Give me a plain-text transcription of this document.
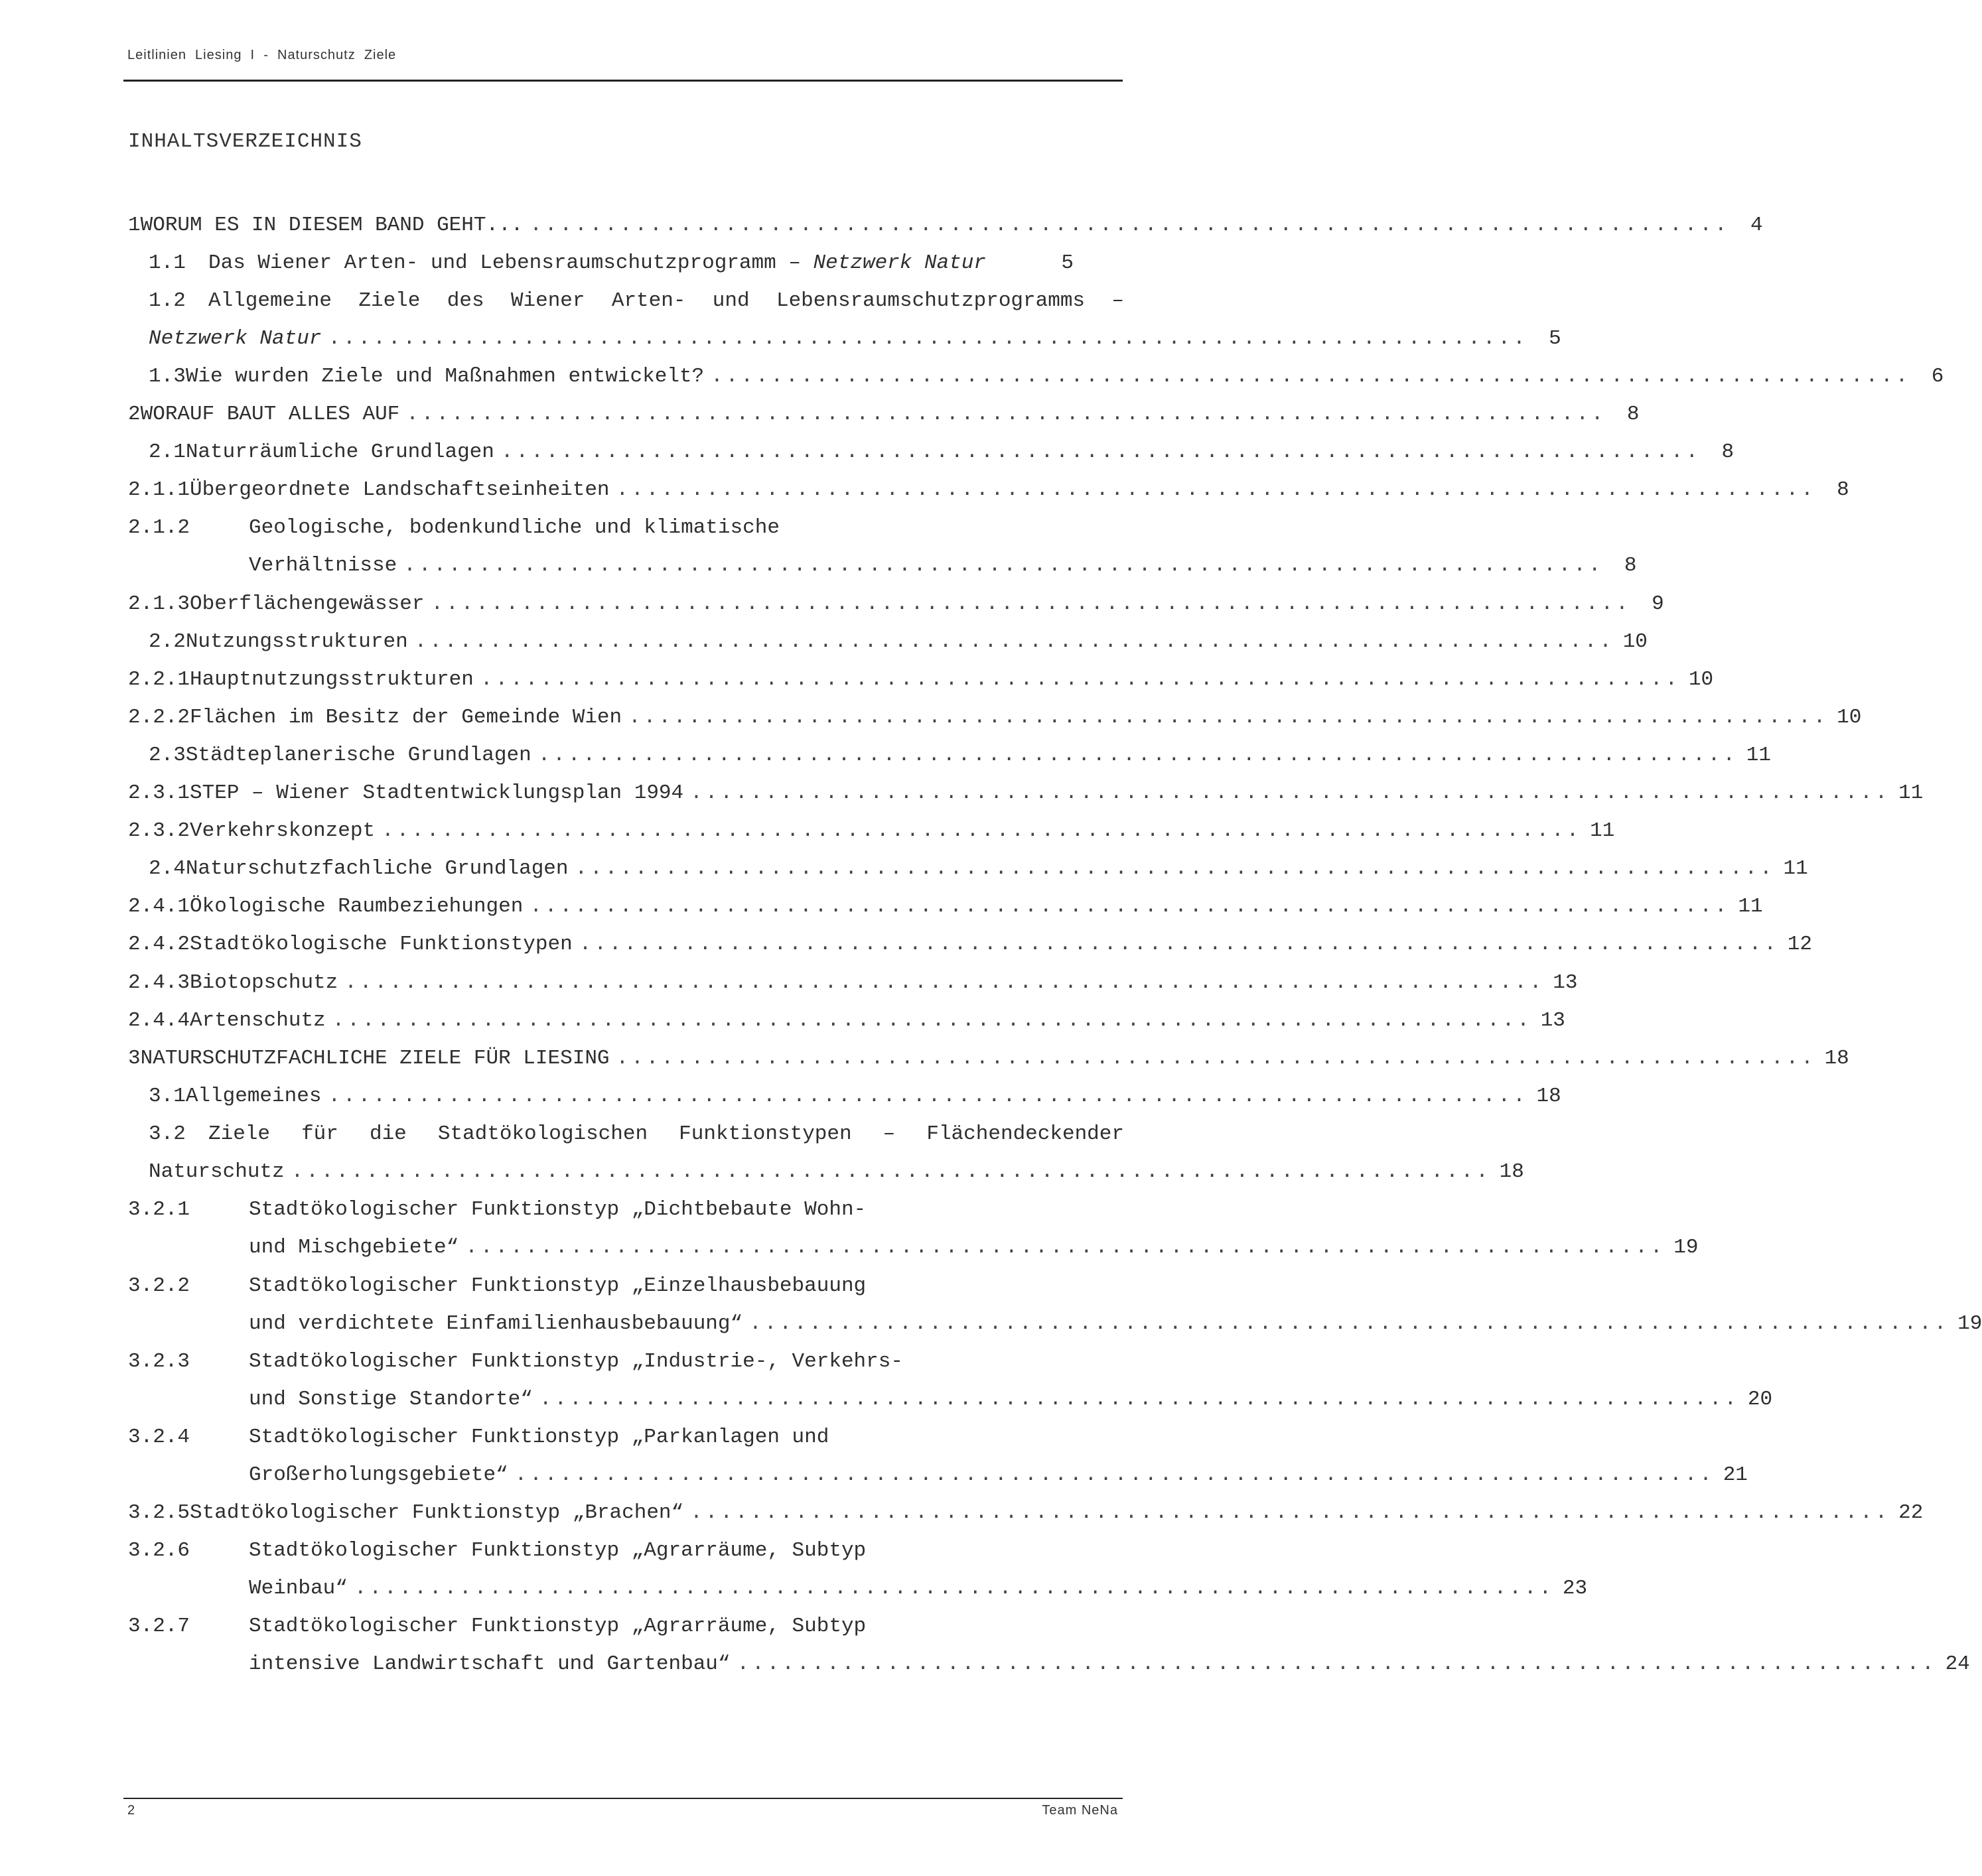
Leitlinien  Liesing  I  -  Naturschutz  Ziele
INHALTSVERZEICHNIS
1 WORUM ES IN DIESEM BAND GEHT... ................................................................................	4
1.1	Das Wiener Arten- und Lebensraumschutzprogramm – Netzwerk Natur	5
1.2	Allgemeine Ziele des Wiener Arten- und Lebensraumschutzprogramms –
Netzwerk Natur ................................................................................	5
1.3 Wie wurden Ziele und Maßnahmen entwickelt? ................................................................................	6
2 WORAUF BAUT ALLES AUF ................................................................................	8
2.1 Naturräumliche Grundlagen ................................................................................	8
2.1.1 Übergeordnete Landschaftseinheiten ................................................................................	8
2.1.2	Geologische, bodenkundliche und klimatische
Verhältnisse ................................................................................	8
2.1.3 Oberflächengewässer ................................................................................	9
2.2 Nutzungsstrukturen ................................................................................ 10
2.2.1 Hauptnutzungsstrukturen ................................................................................ 10
2.2.2 Flächen im Besitz der Gemeinde Wien ................................................................................ 10
2.3 Städteplanerische Grundlagen ................................................................................ 11
2.3.1 STEP – Wiener Stadtentwicklungsplan 1994 ................................................................................ 11
2.3.2 Verkehrskonzept ................................................................................ 11
2.4 Naturschutzfachliche Grundlagen ................................................................................ 11
2.4.1 Ökologische Raumbeziehungen ................................................................................ 11
2.4.2 Stadtökologische Funktionstypen ................................................................................ 12
2.4.3 Biotopschutz ................................................................................ 13
2.4.4 Artenschutz ................................................................................ 13
3 NATURSCHUTZFACHLICHE ZIELE FÜR LIESING ................................................................................ 18
3.1 Allgemeines ................................................................................ 18
3.2	Ziele für die Stadtökologischen Funktionstypen – Flächendeckender
Naturschutz ................................................................................ 18
3.2.1	Stadtökologischer Funktionstyp „Dichtbebaute Wohn-
und Mischgebiete“ ................................................................................ 19
3.2.2	Stadtökologischer Funktionstyp „Einzelhausbebauung
und verdichtete Einfamilienhausbebauung“ ................................................................................ 19
3.2.3	Stadtökologischer Funktionstyp „Industrie-, Verkehrs-
und Sonstige Standorte“ ................................................................................ 20
3.2.4	Stadtökologischer Funktionstyp „Parkanlagen und
Großerholungsgebiete“ ................................................................................ 21
3.2.5 Stadtökologischer Funktionstyp „Brachen“ ................................................................................ 22
3.2.6	Stadtökologischer Funktionstyp „Agrarräume, Subtyp
Weinbau“ ................................................................................ 23
3.2.7	Stadtökologischer Funktionstyp „Agrarräume, Subtyp
intensive Landwirtschaft und Gartenbau“ ................................................................................ 24
2	Team NeNa
